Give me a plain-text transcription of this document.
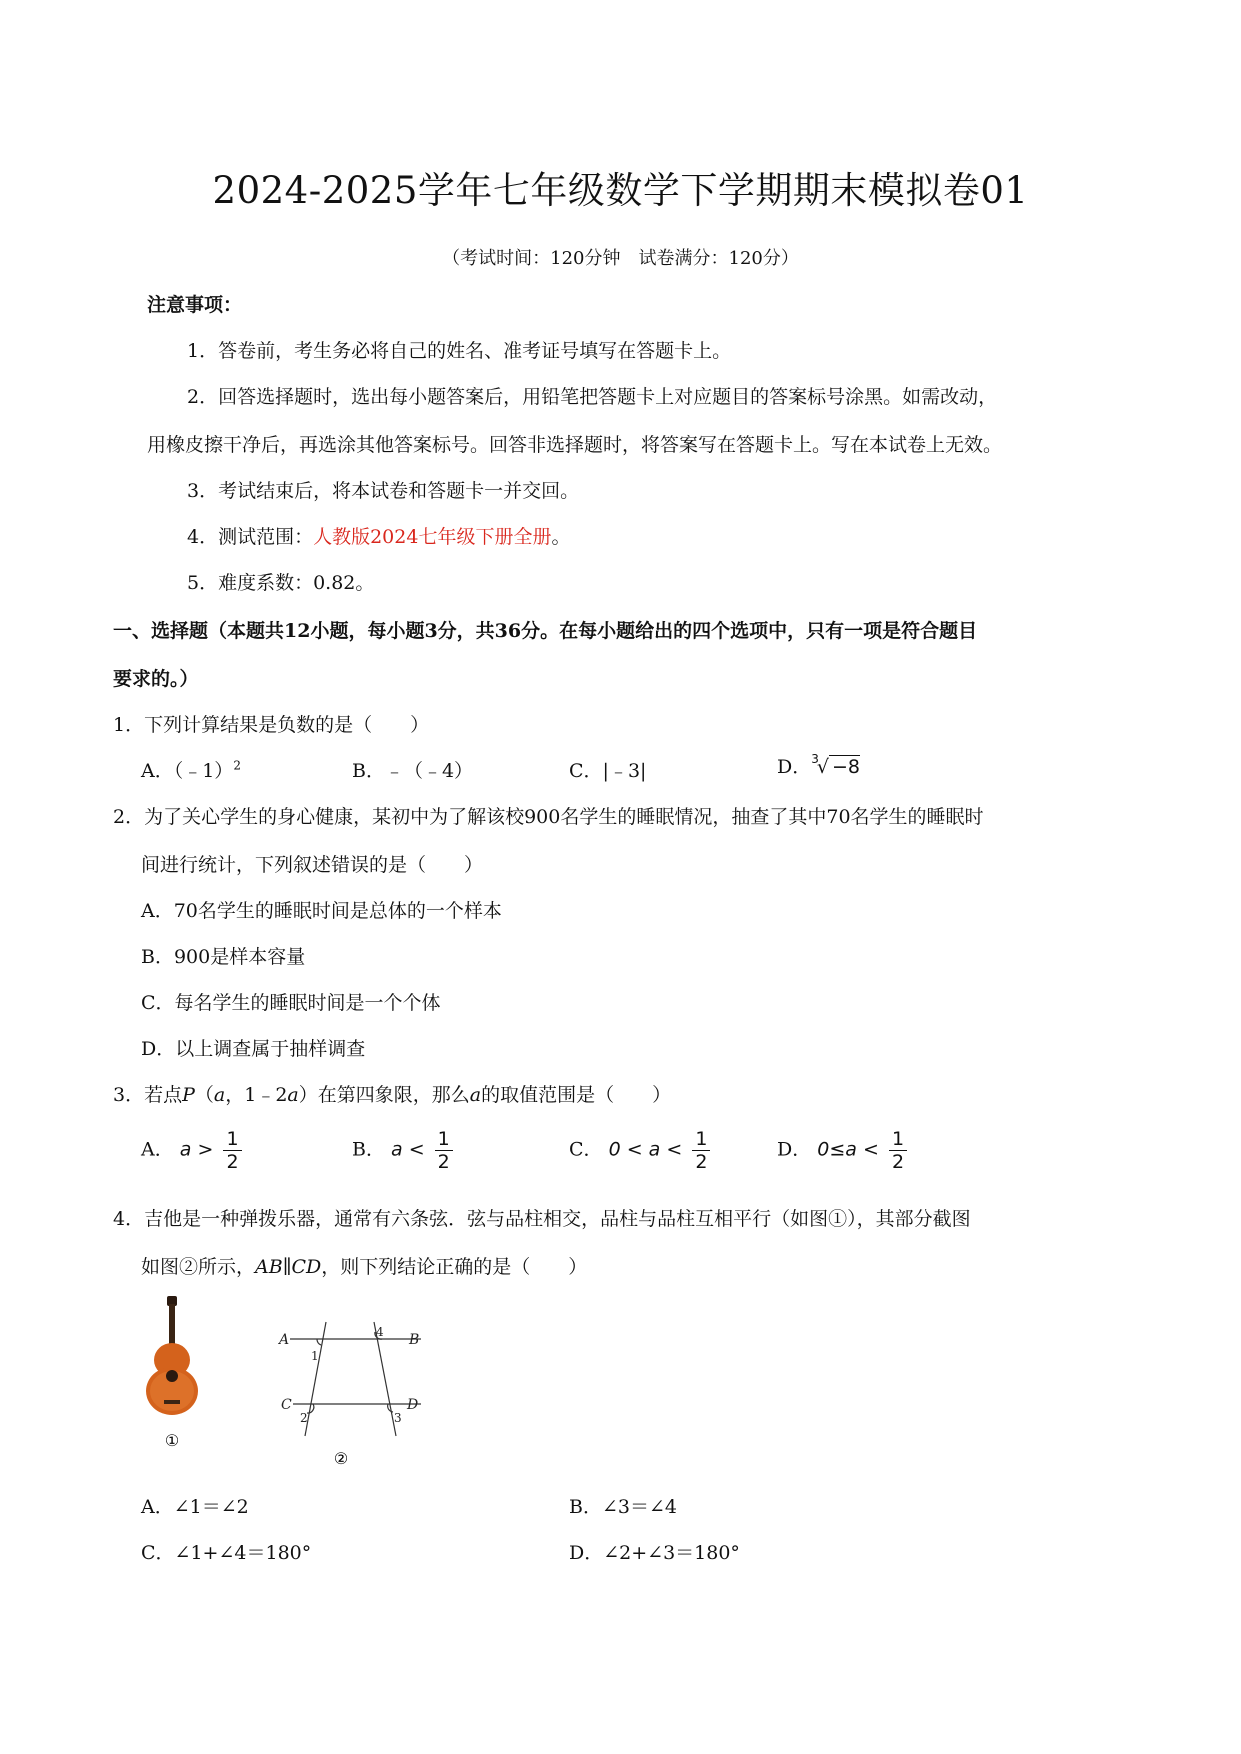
2024-2025学年七年级数学下学期期末模拟卷01
（考试时间：120分钟　试卷满分：120分）
注意事项：
1．答卷前，考生务必将自己的姓名、准考证号填写在答题卡上。
2．回答选择题时，选出每小题答案后，用铅笔把答题卡上对应题目的答案标号涂黑。如需改动，
用橡皮擦干净后，再选涂其他答案标号。回答非选择题时，将答案写在答题卡上。写在本试卷上无效。
3．考试结束后，将本试卷和答题卡一并交回。
4．测试范围：人教版2024七年级下册全册。
5．难度系数：0.82。
一、选择题（本题共12小题，每小题3分，共36分。在每小题给出的四个选项中，只有一项是符合题目
要求的。）
1．下列计算结果是负数的是（　　）
A．（﹣1）$^2$	B．﹣（﹣4）	C．|﹣3|	D．$^3$√ −8
2．为了关心学生的身心健康，某初中为了解该校900名学生的睡眠情况，抽查了其中70名学生的睡眠时
间进行统计，下列叙述错误的是（　　）
A．70名学生的睡眠时间是总体的一个样本
B．900是样本容量
C．每名学生的睡眠时间是一个个体
D．以上调查属于抽样调查
3．若点P（a，1﹣2a）在第四象限，那么a的取值范围是（　　）
A． $a > \frac{1}{2}$	B． $a < \frac{1}{2}$	C． $0 < a < \frac{1}{2}$	D． $0\le a < \frac{1}{2}$
4．吉他是一种弹拨乐器，通常有六条弦．弦与品柱相交，品柱与品柱互相平行（如图①），其部分截图
如图②所示，AB∥CD，则下列结论正确的是（　　）
①
A	B
C	D
1
2	3
4
②
A．∠1＝∠2	B．∠3＝∠4
C．∠1+∠4＝180°	D．∠2+∠3＝180°
